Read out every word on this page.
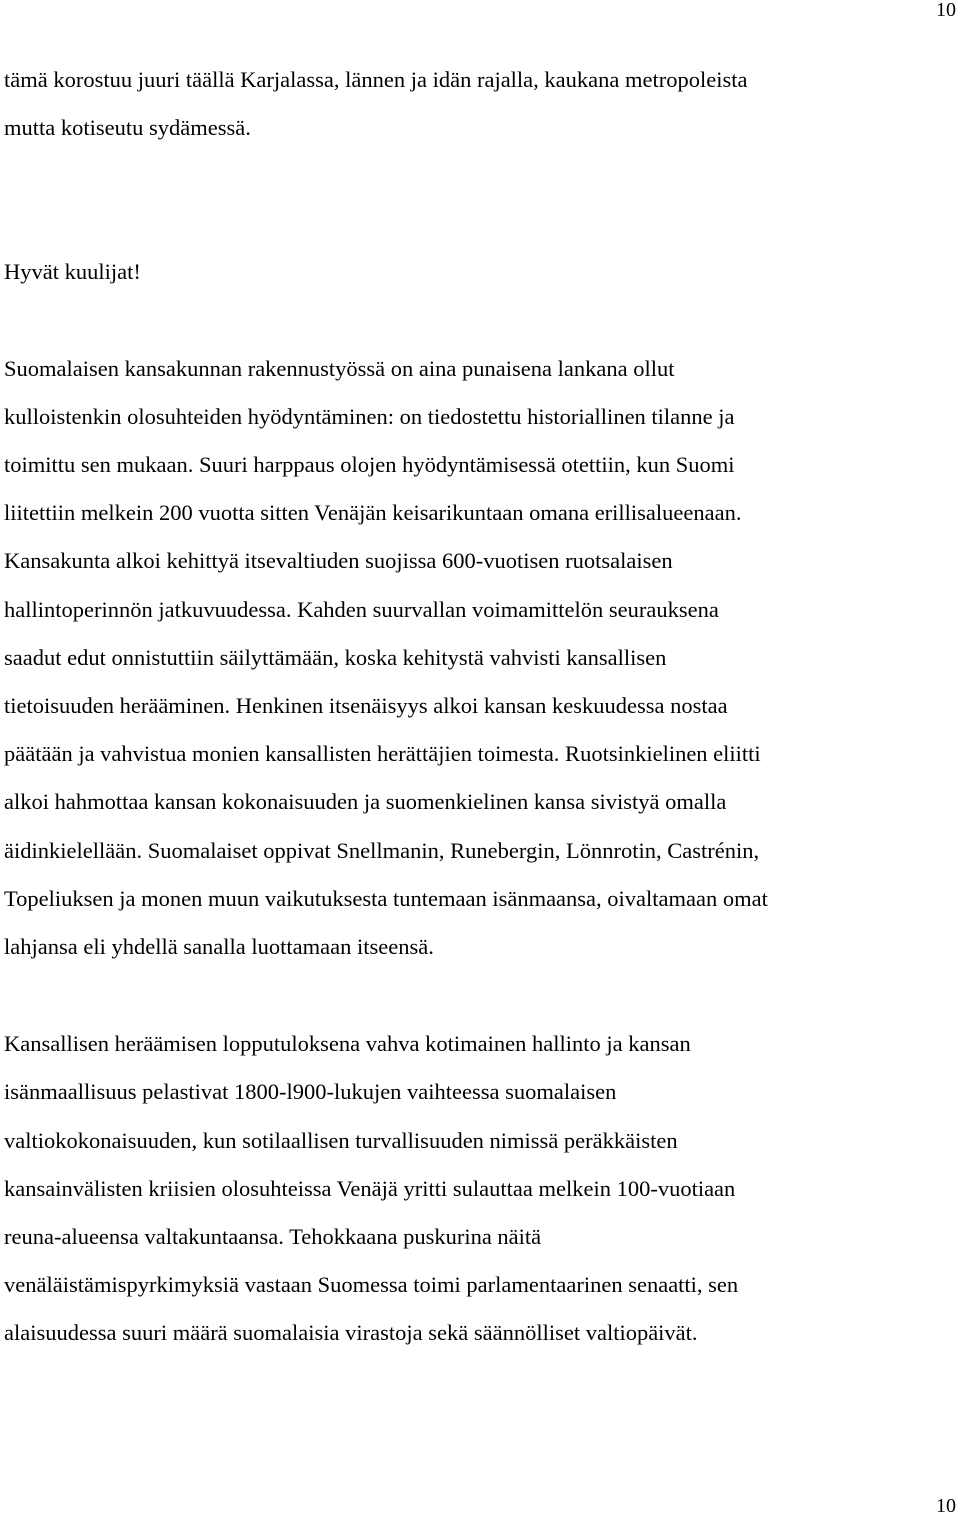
10

tämä korostuu juuri täällä Karjalassa, lännen ja idän rajalla, kaukana metropoleista

mutta kotiseutu sydämessä.

Hyvät kuulijat!

Suomalaisen kansakunnan rakennustyössä on aina punaisena lankana ollut

kulloistenkin olosuhteiden hyödyntäminen: on tiedostettu historiallinen tilanne ja

toimittu sen mukaan. Suuri harppaus olojen hyödyntämisessä otettiin, kun Suomi

liitettiin melkein 200 vuotta sitten Venäjän keisarikuntaan omana erillisalueenaan.

Kansakunta alkoi kehittyä itsevaltiuden suojissa 600-vuotisen ruotsalaisen

hallintoperinnön jatkuvuudessa. Kahden suurvallan voimamittelön seurauksena

saadut edut onnistuttiin säilyttämään, koska kehitystä vahvisti kansallisen

tietoisuuden herääminen. Henkinen itsenäisyys alkoi kansan keskuudessa nostaa

päätään ja vahvistua monien kansallisten herättäjien toimesta. Ruotsinkielinen eliitti

alkoi hahmottaa kansan kokonaisuuden ja suomenkielinen kansa sivistyä omalla

äidinkielellään. Suomalaiset oppivat Snellmanin, Runebergin, Lönnrotin, Castrénin,

Topeliuksen ja monen muun vaikutuksesta tuntemaan isänmaansa, oivaltamaan omat

lahjansa eli yhdellä sanalla luottamaan itseensä.

Kansallisen heräämisen lopputuloksena vahva kotimainen hallinto ja kansan

isänmaallisuus pelastivat 1800-l900-lukujen vaihteessa suomalaisen

valtiokokonaisuuden, kun sotilaallisen turvallisuuden nimissä peräkkäisten

kansainvälisten kriisien olosuhteissa Venäjä yritti sulauttaa melkein 100-vuotiaan

reuna-alueensa valtakuntaansa. Tehokkaana puskurina näitä

venäläistämispyrkimyksiä vastaan Suomessa toimi parlamentaarinen senaatti, sen

alaisuudessa suuri määrä suomalaisia virastoja sekä säännölliset valtiopäivät.

10
